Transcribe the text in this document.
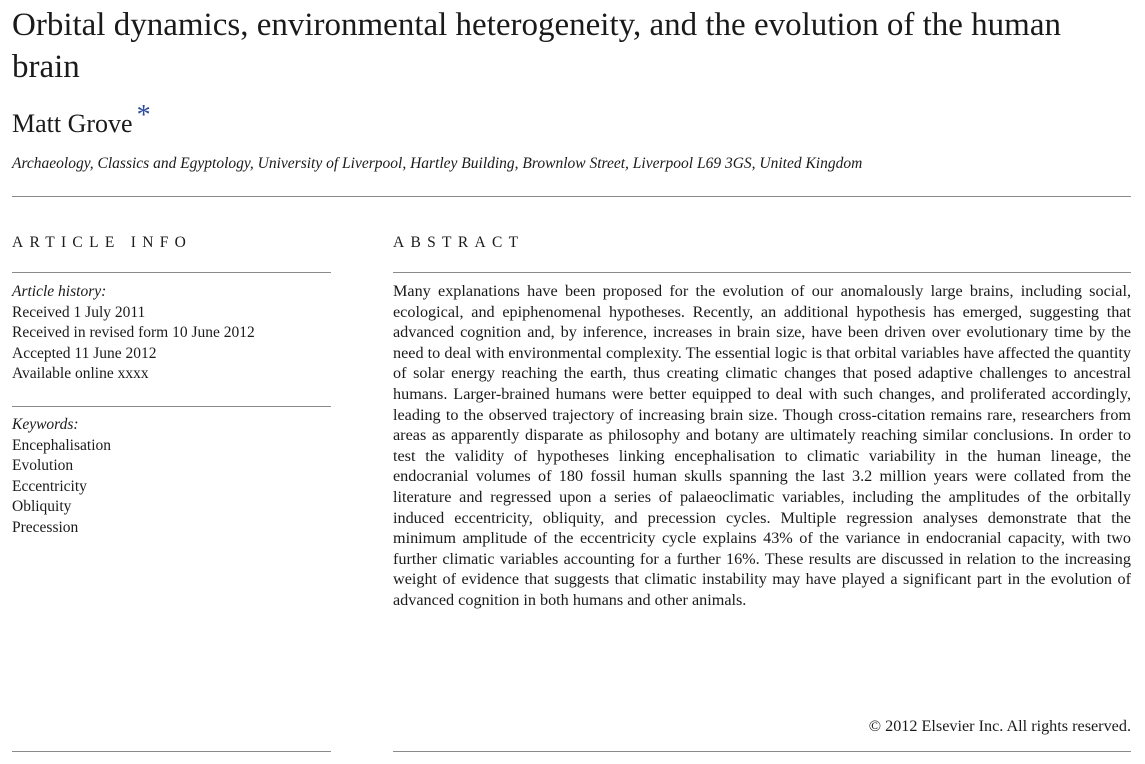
Orbital dynamics, environmental heterogeneity, and the evolution of the human brain

Matt Grove *

Archaeology, Classics and Egyptology, University of Liverpool, Hartley Building, Brownlow Street, Liverpool L69 3GS, United Kingdom

ARTICLE INFO	ABSTRACT
Article history:
Received 1 July 2011
Received in revised form 10 June 2012
Accepted 11 June 2012
Available online xxxx
Keywords:
Encephalisation
Evolution
Eccentricity
Obliquity
Precession

Many explanations have been proposed for the evolution of our anomalously large brains, including social, ecological, and epiphenomenal hypotheses. Recently, an additional hypothesis has emerged, suggesting that advanced cognition and, by inference, increases in brain size, have been driven over evolutionary time by the need to deal with environmental complexity. The essential logic is that orbital variables have affected the quantity of solar energy reaching the earth, thus creating climatic changes that posed adaptive challenges to ancestral humans. Larger-brained humans were better equipped to deal with such changes, and proliferated accordingly, leading to the observed trajectory of increasing brain size. Though cross-citation remains rare, researchers from areas as apparently disparate as philosophy and botany are ultimately reaching similar conclusions. In order to test the validity of hypotheses linking encephalisation to climatic variability in the human lineage, the endocranial volumes of 180 fossil human skulls spanning the last 3.2 million years were collated from the literature and regressed upon a series of palaeoclimatic variables, including the amplitudes of the orbitally induced eccentricity, obliquity, and precession cycles. Multiple regression analyses demonstrate that the minimum amplitude of the eccentricity cycle explains 43% of the variance in endocranial capacity, with two further climatic variables accounting for a further 16%. These results are discussed in relation to the increasing weight of evidence that suggests that climatic instability may have played a significant part in the evolution of advanced cognition in both humans and other animals.

© 2012 Elsevier Inc. All rights reserved.
